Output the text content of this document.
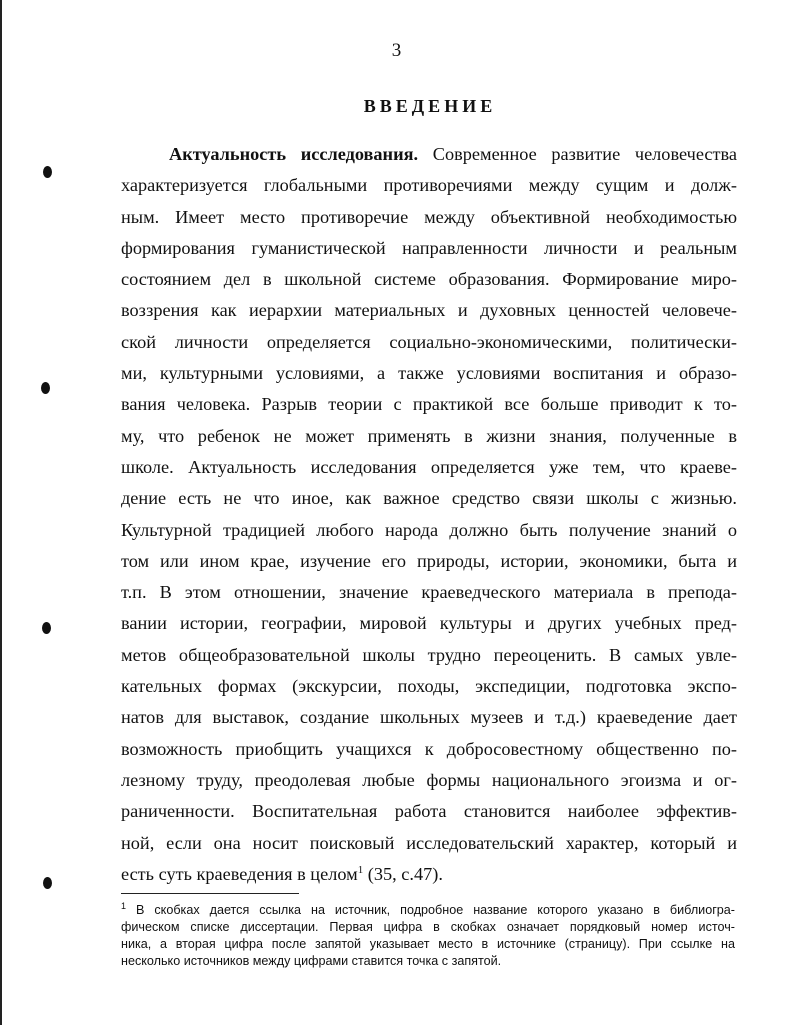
3
ВВЕДЕНИЕ
Актуальность исследования. Современное развитие человечества
характеризуется глобальными противоречиями между сущим и долж-
ным. Имеет место противоречие между объективной необходимостью
формирования гуманистической направленности личности и реальным
состоянием дел в школьной системе образования. Формирование миро-
воззрения как иерархии материальных и духовных ценностей человече-
ской личности определяется социально-экономическими, политически-
ми, культурными условиями, а также условиями воспитания и образо-
вания человека. Разрыв теории с практикой все больше приводит к то-
му, что ребенок не может применять в жизни знания, полученные в
школе. Актуальность исследования определяется уже тем, что краеве-
дение есть не что иное, как важное средство связи школы с жизнью.
Культурной традицией любого народа должно быть получение знаний о
том или ином крае, изучение его природы, истории, экономики, быта и
т.п. В этом отношении, значение краеведческого материала в препода-
вании истории, географии, мировой культуры и других учебных пред-
метов общеобразовательной школы трудно переоценить. В самых увле-
кательных формах (экскурсии, походы, экспедиции, подготовка экспо-
натов для выставок, создание школьных музеев и т.д.) краеведение дает
возможность приобщить учащихся к добросовестному общественно по-
лезному труду, преодолевая любые формы национального эгоизма и ог-
раниченности. Воспитательная работа становится наиболее эффектив-
ной, если она носит поисковый исследовательский характер, который и
есть суть краеведения в целом$^1$ (35, с.47).
$^1$ В скобках дается ссылка на источник, подробное название которого указано в библиогра-
фическом списке диссертации. Первая цифра в скобках означает порядковый номер источ-
ника, а вторая цифра после запятой указывает место в источнике (страницу). При ссылке на
несколько источников между цифрами ставится точка с запятой.
